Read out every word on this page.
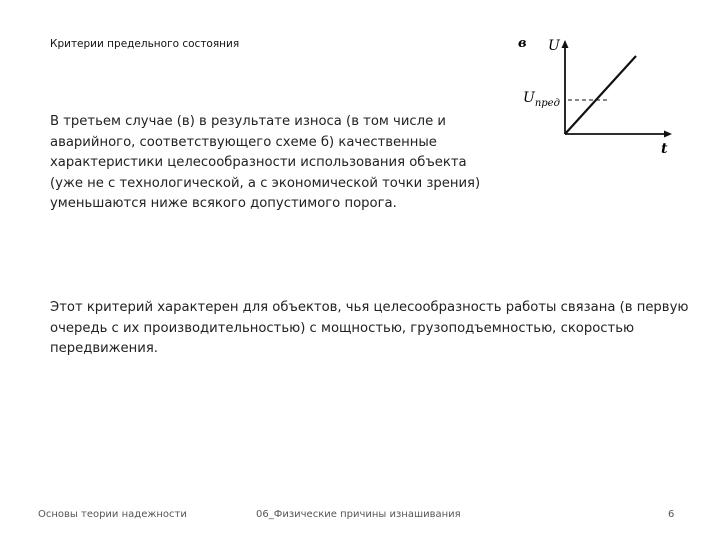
Критерии предельного состояния
В третьем случае (в) в результате износа (в том числе и аварийного, соответствующего схеме б) качественные характеристики целесообразности использования объекта (уже не с технологической, а с экономической точки зрения) уменьшаются ниже всякого допустимого порога.
в U
t
$U_{пред}$
Этот критерий характерен для объектов, чья целесообразность работы связана (в первую очередь с их производительностью) с мощностью, грузоподъемностью, скоростью передвижения.
Основы теории надежности	06_Физические причины изнашивания	6
